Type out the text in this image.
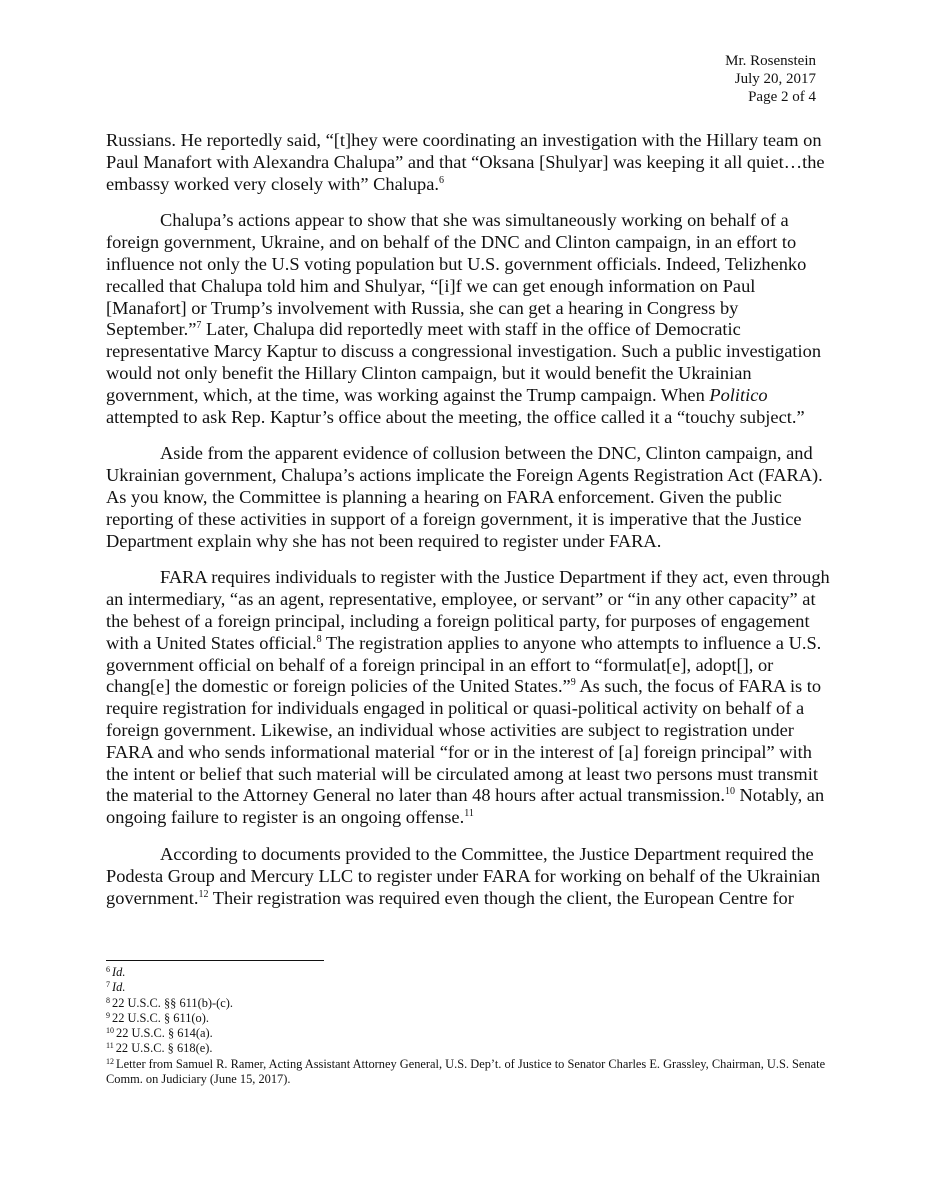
Mr. Rosenstein
July 20, 2017
Page 2 of 4

Russians. He reportedly said, “[t]hey were coordinating an investigation with the Hillary team on Paul Manafort with Alexandra Chalupa” and that “Oksana [Shulyar] was keeping it all quiet…the embassy worked very closely with” Chalupa.$^6$

Chalupa’s actions appear to show that she was simultaneously working on behalf of a foreign government, Ukraine, and on behalf of the DNC and Clinton campaign, in an effort to influence not only the U.S voting population but U.S. government officials. Indeed, Telizhenko recalled that Chalupa told him and Shulyar, “[i]f we can get enough information on Paul [Manafort] or Trump’s involvement with Russia, she can get a hearing in Congress by September.”$^7$ Later, Chalupa did reportedly meet with staff in the office of Democratic representative Marcy Kaptur to discuss a congressional investigation. Such a public investigation would not only benefit the Hillary Clinton campaign, but it would benefit the Ukrainian government, which, at the time, was working against the Trump campaign. When Politico attempted to ask Rep. Kaptur’s office about the meeting, the office called it a “touchy subject.”

Aside from the apparent evidence of collusion between the DNC, Clinton campaign, and Ukrainian government, Chalupa’s actions implicate the Foreign Agents Registration Act (FARA). As you know, the Committee is planning a hearing on FARA enforcement. Given the public reporting of these activities in support of a foreign government, it is imperative that the Justice Department explain why she has not been required to register under FARA.

FARA requires individuals to register with the Justice Department if they act, even through an intermediary, “as an agent, representative, employee, or servant” or “in any other capacity” at the behest of a foreign principal, including a foreign political party, for purposes of engagement with a United States official.$^8$ The registration applies to anyone who attempts to influence a U.S. government official on behalf of a foreign principal in an effort to “formulat[e], adopt[], or chang[e] the domestic or foreign policies of the United States.”$^9$ As such, the focus of FARA is to require registration for individuals engaged in political or quasi-political activity on behalf of a foreign government. Likewise, an individual whose activities are subject to registration under FARA and who sends informational material “for or in the interest of [a] foreign principal” with the intent or belief that such material will be circulated among at least two persons must transmit the material to the Attorney General no later than 48 hours after actual transmission.$^{10}$ Notably, an ongoing failure to register is an ongoing offense.$^{11}$

According to documents provided to the Committee, the Justice Department required the Podesta Group and Mercury LLC to register under FARA for working on behalf of the Ukrainian government.$^{12}$ Their registration was required even though the client, the European Centre for

$^6$ Id.
$^7$ Id.
$^8$ 22 U.S.C. §§ 611(b)-(c).
$^9$ 22 U.S.C. § 611(o).
$^{10}$ 22 U.S.C. § 614(a).
$^{11}$ 22 U.S.C. § 618(e).
$^{12}$ Letter from Samuel R. Ramer, Acting Assistant Attorney General, U.S. Dep’t. of Justice to Senator Charles E. Grassley, Chairman, U.S. Senate Comm. on Judiciary (June 15, 2017).
